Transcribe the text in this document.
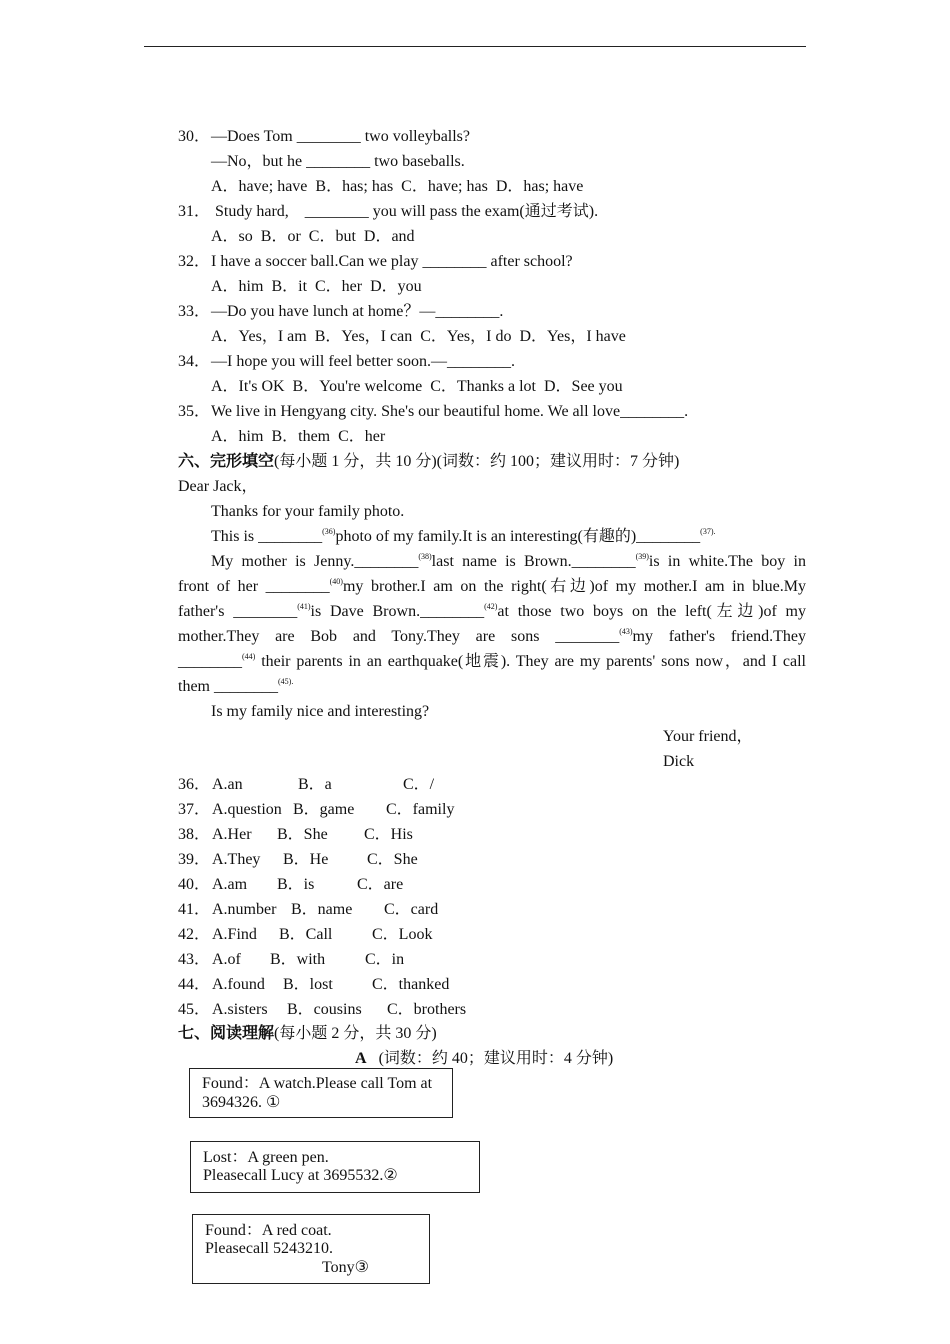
30． —Does Tom ________ two volleyballs?
—No，but he ________ two baseballs.
A．have; have  B．has; has  C．have; has  D．has; have
31． Study hard,    ________ you will pass the exam(通过考试).
A．so  B．or  C．but  D．and
32． I have a soccer ball.Can we play ________ after school?
A．him  B．it  C．her  D．you
33． —Do you have lunch at home？—________.
A．Yes，I am  B．Yes，I can  C．Yes，I do  D．Yes，I have
34． —I hope you will feel better soon.—________.
A．It's OK  B．You're welcome  C．Thanks a lot  D．See you
35． We live in Hengyang city. She's our beautiful home. We all love________.
A．him  B．them  C．her
六、完形填空(每小题 1 分，共 10 分)(词数：约 100；建议用时：7 分钟)
Dear Jack，
Thanks for your family photo.
This is ________$^{(36)}$photo of my family.It is an interesting(有趣的)________$^{(37).}$
My mother is Jenny.________$^{(38)}$last name is Brown.________$^{(39)}$is in white.The boy in
front of her ________$^{(40)}$my brother.I am on the right(右边)of my mother.I am in blue.My
father's ________$^{(41)}$is Dave Brown.________$^{(42)}$at those two boys on the left(左边)of my
mother.They are Bob and Tony.They are sons ________$^{(43)}$my father's friend.They
________$^{(44)}$ their parents in an earthquake(地震). They are my parents' sons now，and I call
them ________$^{(45).}$
Is my family nice and interesting?
Your friend，
Dick
36． A.an	B．a	C．/
37． A.question B．game C．family
38． A.Her B．She C．His
39． A.They B．He C．She
40． A.am B．is	C．are
41． A.number B．name C．card
42． A.Find B．Call C．Look
43． A.of B．with C．in
44． A.found B．lost C．thanked
45． A.sisters B．cousins C．brothers
七、阅读理解(每小题 2 分，共 30 分)
A (词数：约 40；建议用时：4 分钟)
Found：A watch.Please call Tom at
3694326. ①
Lost：A green pen.
Pleasecall Lucy at 3695532.②
Found：A red coat.
Pleasecall 5243210.
Tony③
